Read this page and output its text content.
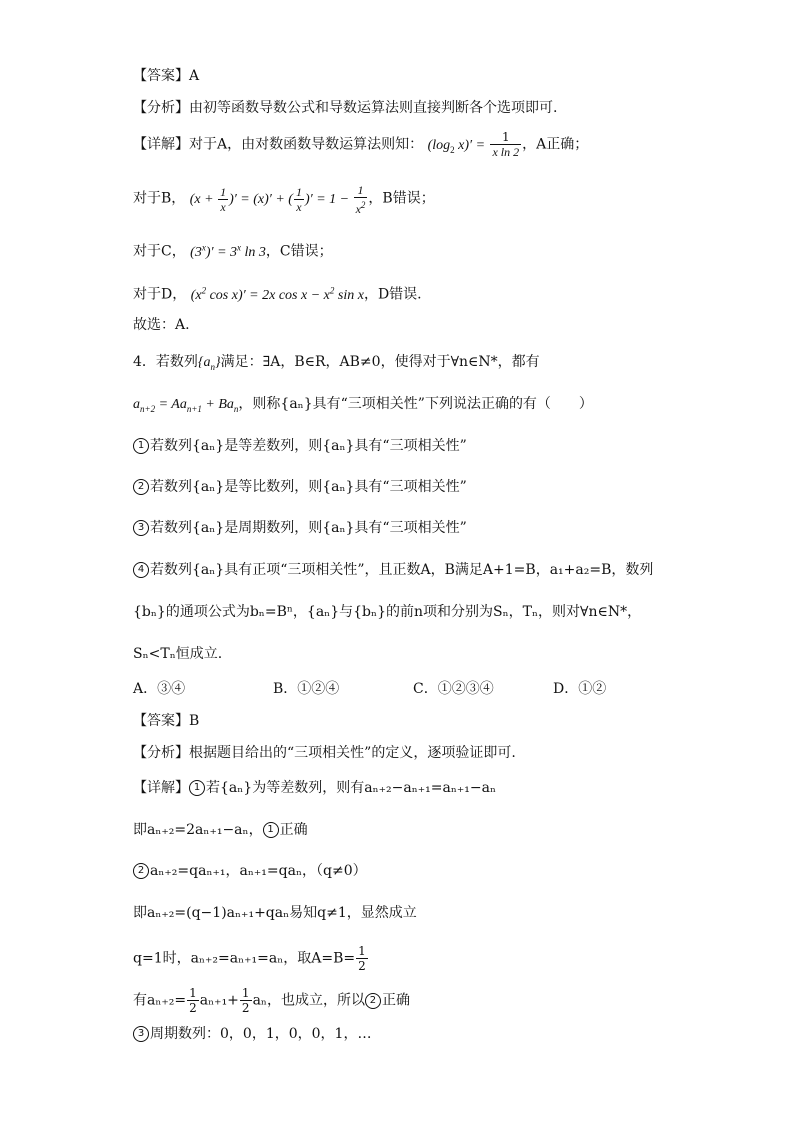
【答案】A
【分析】由初等函数导数公式和导数运算法则直接判断各个选项即可.
【详解】对于A，由对数函数导数运算法则知： ($\log_2$ $x)' = \frac{1}{\text{x ln 2}}$ ，A正确；
对于B， ($x + \frac{1}{x}$ )′ = (x)′ + ( $\frac{1}{x}$ )′ = $1 - \frac{1}{x^2}$ ，B错误；
对于C， $(3^x)' = 3^x$ ln 3，C错误；
对于D， ($x^2$ cos x)′ = 2x $\cos x - x^2$ sin x，D错误.
故选：A.
4．若数列$\{a_n\}$满足：∃A，B∈R，AB≠0，使得对于∀n∈N*，都有
$a_{n+2} = Aa_{n+1} + Ba_n$，则称{aₙ}具有“三项相关性”下列说法正确的有（　　）
1 若数列{aₙ}是等差数列，则{aₙ}具有“三项相关性”
2 若数列{aₙ}是等比数列，则{aₙ}具有“三项相关性”
3 若数列{aₙ}是周期数列，则{aₙ}具有“三项相关性”
4 若数列{aₙ}具有正项“三项相关性”，且正数A，B满足A+1=B，a₁+a₂=B，数列
{bₙ}的通项公式为bₙ=Bⁿ，{aₙ}与{bₙ}的前n项和分别为Sₙ，Tₙ，则对∀n∈N*，
Sₙ<Tₙ恒成立.
A．③④	B．①②④	C．①②③④	D．①②
【答案】B
【分析】根据题目给出的“三项相关性”的定义，逐项验证即可.
【详解】 1 若{aₙ}为等差数列，则有aₙ₊₂−aₙ₊₁=aₙ₊₁−aₙ
即aₙ₊₂=2aₙ₊₁−aₙ， 1 正确
2 aₙ₊₂=qaₙ₊₁，aₙ₊₁=qaₙ，（q≠0）
即aₙ₊₂=(q−1)aₙ₊₁+qaₙ易知q≠1，显然成立
q=1时，aₙ₊₂=aₙ₊₁=aₙ，取$A=B= \frac{1}{2}$
有$a_{n+2}= \frac{1}{2} a_{n+1}+ \frac{1}{2}$ aₙ，也成立，所以 2 正确
3 周期数列：0，0，1，0，0，1，…
